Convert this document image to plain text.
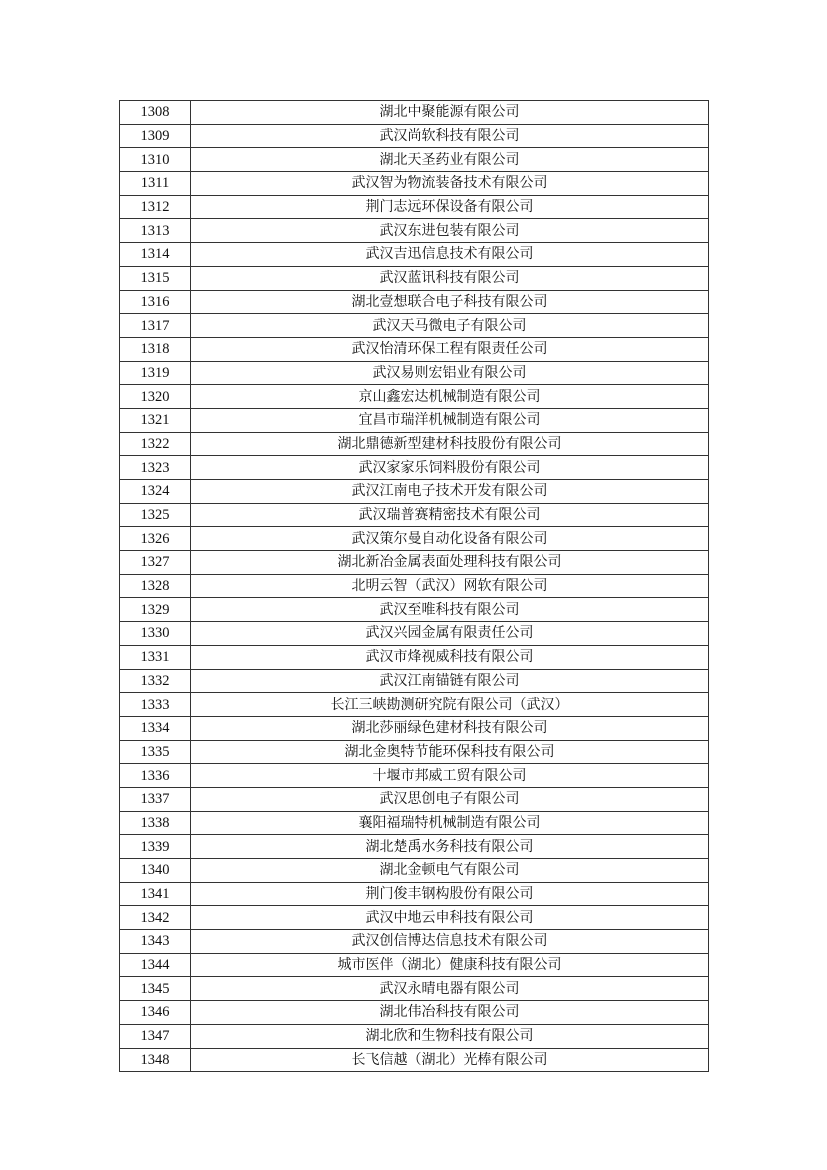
1308	湖北中聚能源有限公司
1309	武汉尚软科技有限公司
1310	湖北天圣药业有限公司
1311	武汉智为物流装备技术有限公司
1312	荆门志远环保设备有限公司
1313	武汉东进包装有限公司
1314	武汉吉迅信息技术有限公司
1315	武汉蓝讯科技有限公司
1316	湖北壹想联合电子科技有限公司
1317	武汉天马微电子有限公司
1318	武汉怡清环保工程有限责任公司
1319	武汉易则宏铝业有限公司
1320	京山鑫宏达机械制造有限公司
1321	宜昌市瑞洋机械制造有限公司
1322	湖北鼎德新型建材科技股份有限公司
1323	武汉家家乐饲料股份有限公司
1324	武汉江南电子技术开发有限公司
1325	武汉瑞普赛精密技术有限公司
1326	武汉策尔曼自动化设备有限公司
1327	湖北新冶金属表面处理科技有限公司
1328	北明云智（武汉）网软有限公司
1329	武汉至唯科技有限公司
1330	武汉兴园金属有限责任公司
1331	武汉市烽视威科技有限公司
1332	武汉江南锚链有限公司
1333	长江三峡勘测研究院有限公司（武汉）
1334	湖北莎丽绿色建材科技有限公司
1335	湖北金奥特节能环保科技有限公司
1336	十堰市邦威工贸有限公司
1337	武汉思创电子有限公司
1338	襄阳福瑞特机械制造有限公司
1339	湖北楚禹水务科技有限公司
1340	湖北金顿电气有限公司
1341	荆门俊丰钢构股份有限公司
1342	武汉中地云申科技有限公司
1343	武汉创信博达信息技术有限公司
1344	城市医伴（湖北）健康科技有限公司
1345	武汉永晴电器有限公司
1346	湖北伟冶科技有限公司
1347	湖北欣和生物科技有限公司
1348	长飞信越（湖北）光棒有限公司
